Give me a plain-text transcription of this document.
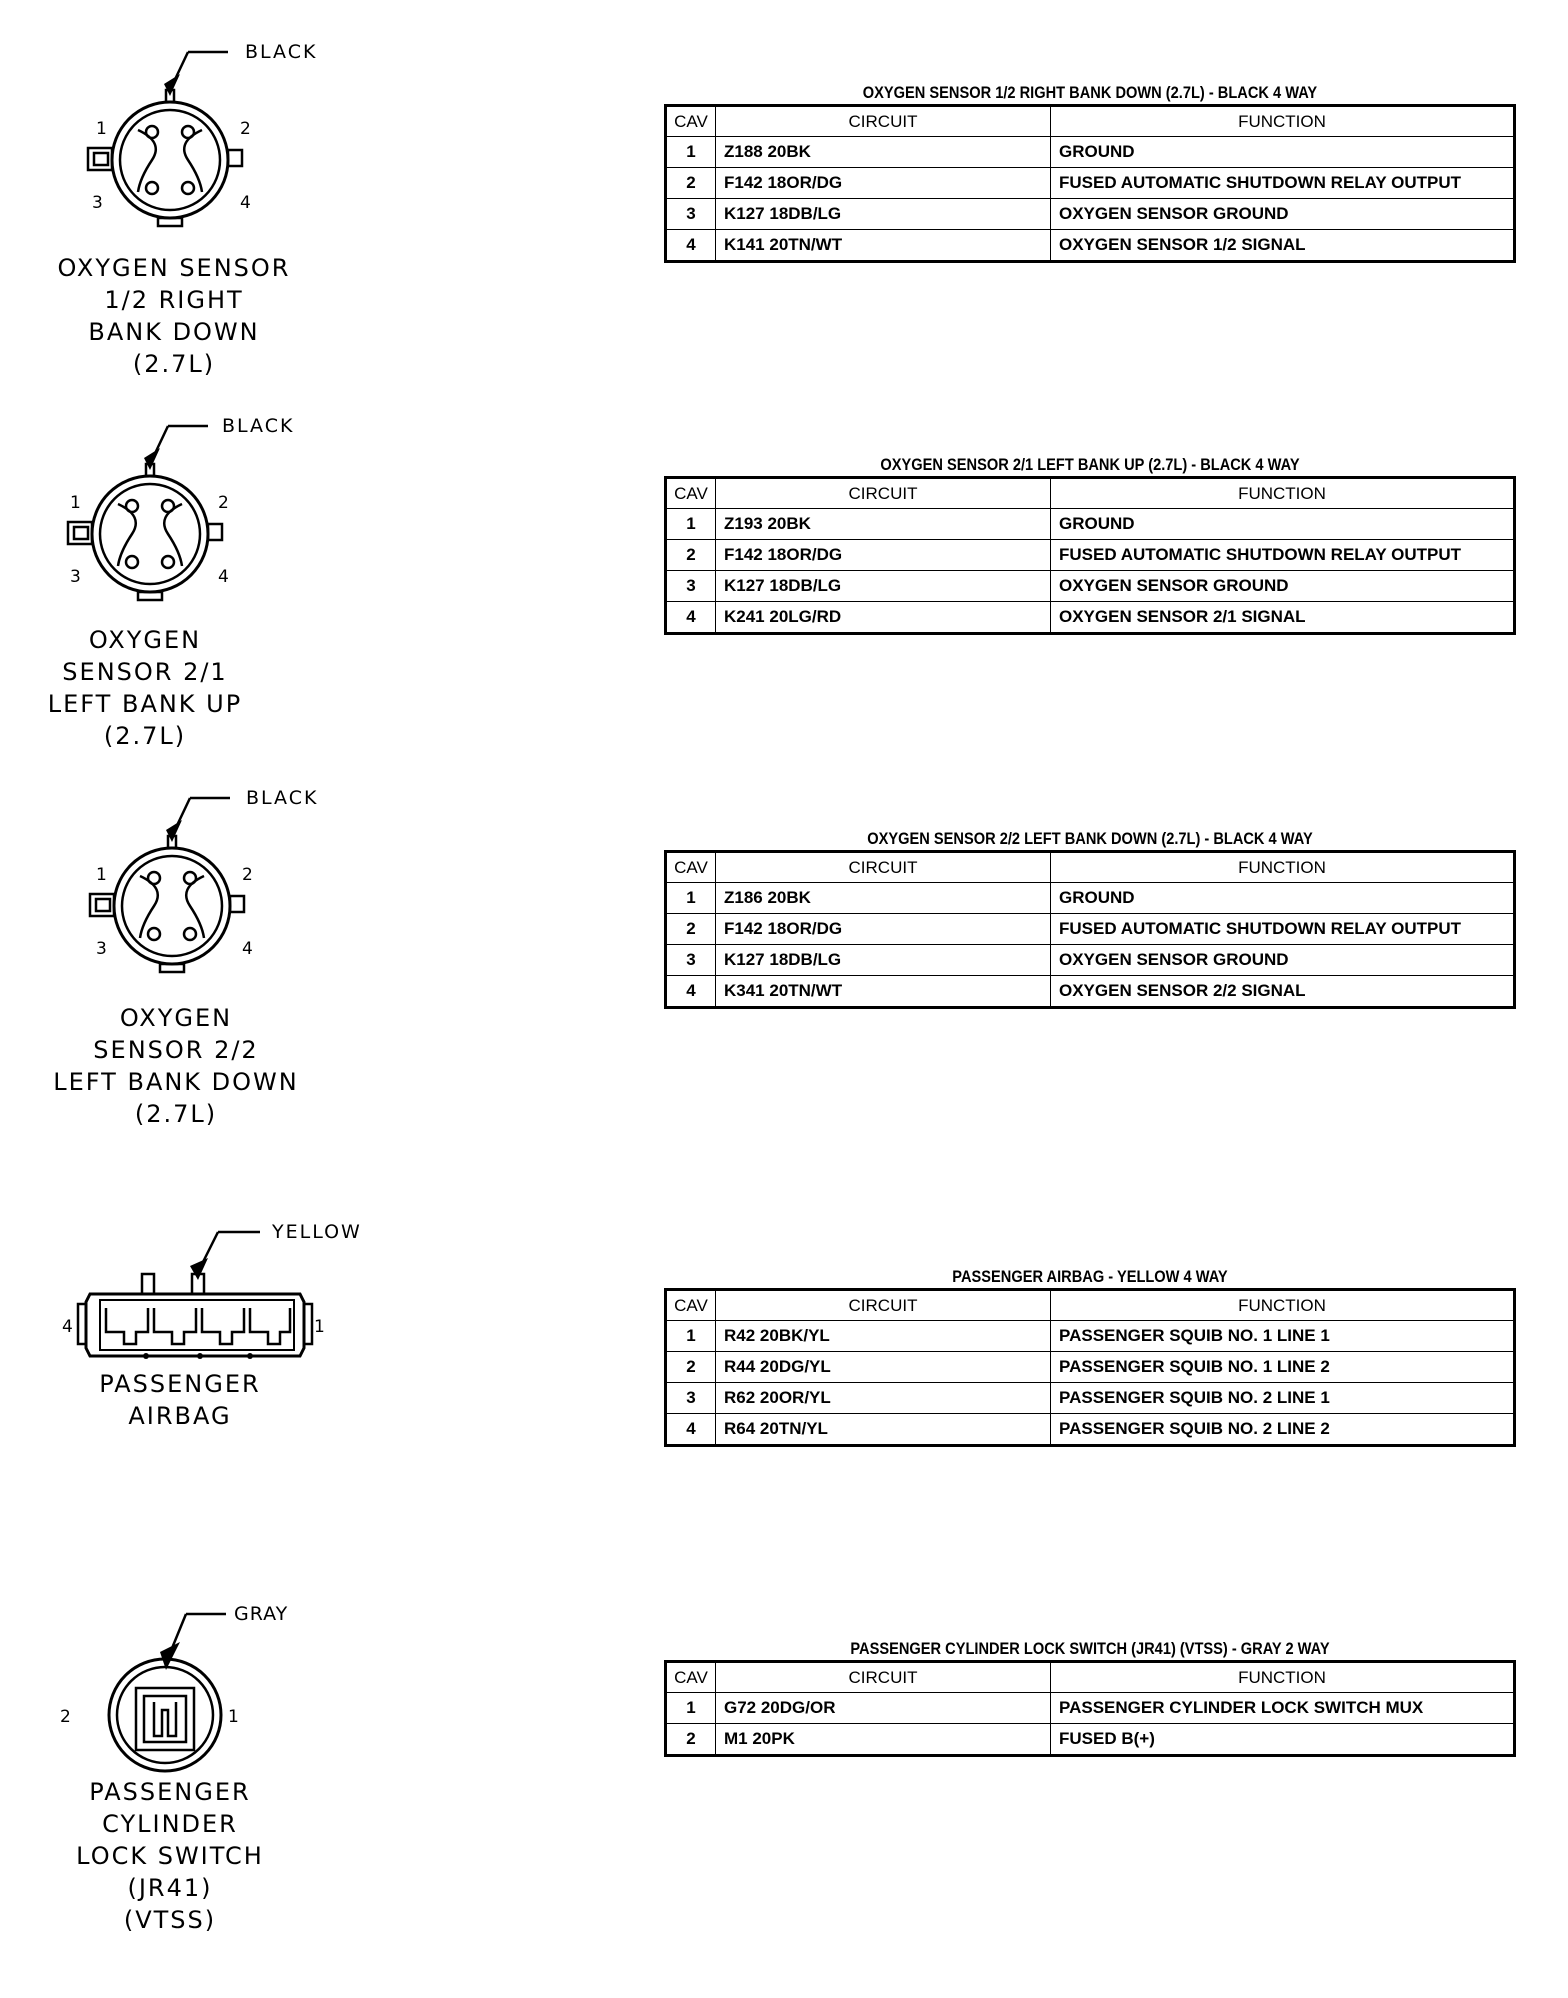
BLACK
1	2
3	4
OXYGEN SENSOR
1/2 RIGHT
BANK DOWN
(2.7L)
OXYGEN SENSOR 1/2 RIGHT BANK DOWN (2.7L) - BLACK 4 WAY
CAV	CIRCUIT	FUNCTION
1	Z188 20BK	GROUND
2	F142 18OR/DG	FUSED AUTOMATIC SHUTDOWN RELAY OUTPUT
3	K127 18DB/LG	OXYGEN SENSOR GROUND
4	K141 20TN/WT	OXYGEN SENSOR 1/2 SIGNAL
BLACK
1	2
3	4
OXYGEN
SENSOR 2/1
LEFT BANK UP
(2.7L)
OXYGEN SENSOR 2/1 LEFT BANK UP (2.7L) - BLACK 4 WAY
CAV	CIRCUIT	FUNCTION
1	Z193 20BK	GROUND
2	F142 18OR/DG	FUSED AUTOMATIC SHUTDOWN RELAY OUTPUT
3	K127 18DB/LG	OXYGEN SENSOR GROUND
4	K241 20LG/RD	OXYGEN SENSOR 2/1 SIGNAL
BLACK
1	2
3	4
OXYGEN
SENSOR 2/2
LEFT BANK DOWN
(2.7L)
OXYGEN SENSOR 2/2 LEFT BANK DOWN (2.7L) - BLACK 4 WAY
CAV	CIRCUIT	FUNCTION
1	Z186 20BK	GROUND
2	F142 18OR/DG	FUSED AUTOMATIC SHUTDOWN RELAY OUTPUT
3	K127 18DB/LG	OXYGEN SENSOR GROUND
4	K341 20TN/WT	OXYGEN SENSOR 2/2 SIGNAL
YELLOW
4	1
PASSENGER
AIRBAG
PASSENGER AIRBAG - YELLOW 4 WAY
CAV	CIRCUIT	FUNCTION
1	R42 20BK/YL	PASSENGER SQUIB NO. 1 LINE 1
2	R44 20DG/YL	PASSENGER SQUIB NO. 1 LINE 2
3	R62 20OR/YL	PASSENGER SQUIB NO. 2 LINE 1
4	R64 20TN/YL	PASSENGER SQUIB NO. 2 LINE 2
GRAY
2	1
PASSENGER
CYLINDER
LOCK SWITCH
(JR41)
(VTSS)
PASSENGER CYLINDER LOCK SWITCH (JR41) (VTSS) - GRAY 2 WAY
CAV	CIRCUIT	FUNCTION
1	G72 20DG/OR	PASSENGER CYLINDER LOCK SWITCH MUX
2	M1 20PK	FUSED B(+)
